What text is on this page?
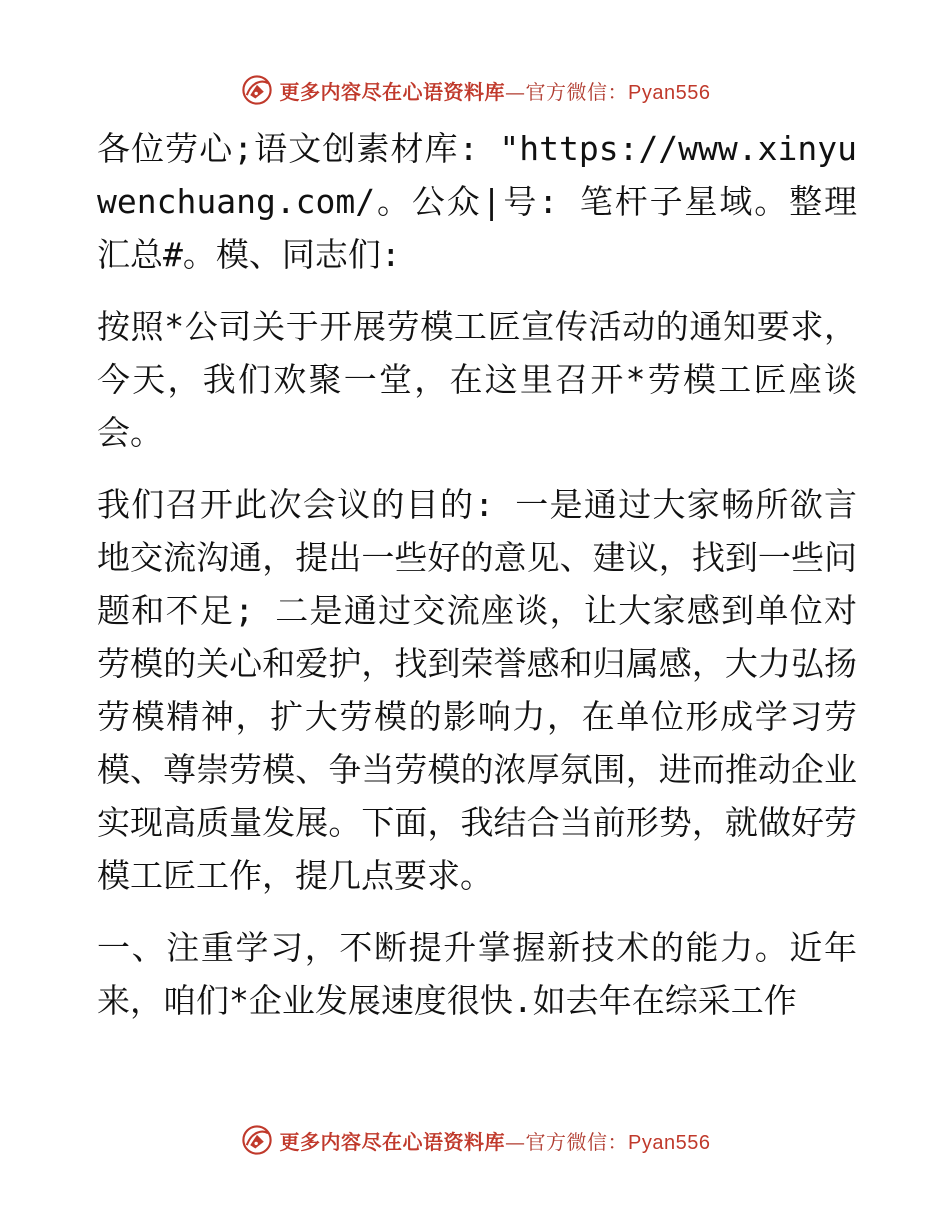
更多内容尽在心语资料库—官方微信：Pyan556

各位劳心;语文创素材库: "https://www.xinyuwenchuang.com/。公众|号: 笔杆子星域。整理汇总#。模、同志们:

按照*公司关于开展劳模工匠宣传活动的通知要求，今天，我们欢聚一堂，在这里召开*劳模工匠座谈会。

我们召开此次会议的目的: 一是通过大家畅所欲言地交流沟通，提出一些好的意见、建议，找到一些问题和不足; 二是通过交流座谈，让大家感到单位对劳模的关心和爱护，找到荣誉感和归属感，大力弘扬劳模精神，扩大劳模的影响力，在单位形成学习劳模、尊崇劳模、争当劳模的浓厚氛围，进而推动企业实现高质量发展。下面，我结合当前形势，就做好劳模工匠工作，提几点要求。

一、注重学习，不断提升掌握新技术的能力。近年来，咱们*企业发展速度很快.如去年在综采工作

更多内容尽在心语资料库—官方微信：Pyan556
